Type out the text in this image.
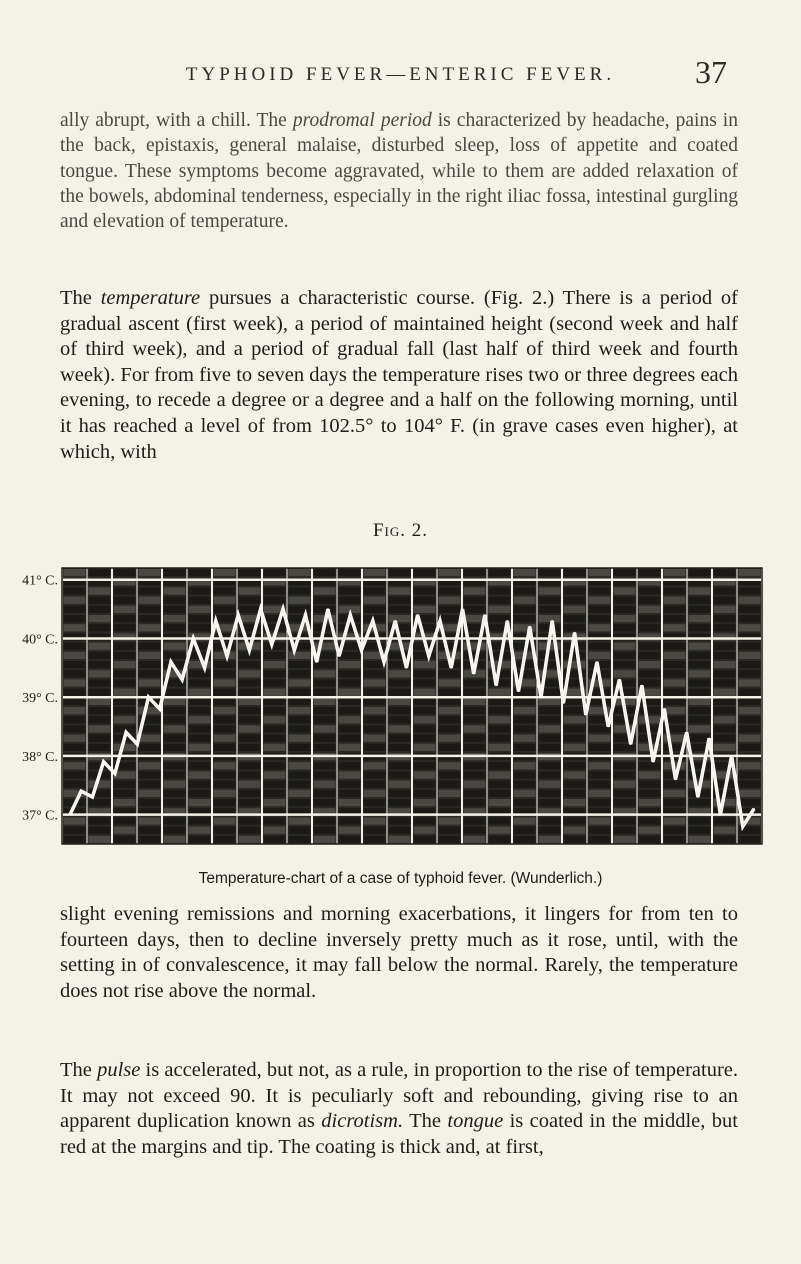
TYPHOID FEVER—ENTERIC FEVER.	37
ally abrupt, with a chill. The prodromal period is characterized by headache, pains in the back, epistaxis, general malaise, disturbed sleep, loss of appetite and coated tongue. These symptoms become aggravated, while to them are added relaxation of the bowels, abdominal tenderness, especially in the right iliac fossa, intestinal gurgling and elevation of temperature.
The temperature pursues a characteristic course. (Fig. 2.) There is a period of gradual ascent (first week), a period of maintained height (second week and half of third week), and a period of gradual fall (last half of third week and fourth week). For from five to seven days the temperature rises two or three degrees each evening, to recede a degree or a degree and a half on the following morning, until it has reached a level of from 102.5° to 104° F. (in grave cases even higher), at which, with
Fig. 2.
41° C.
40° C.
39° C.
38° C.
37° C.
Temperature-chart of a case of typhoid fever. (Wunderlich.)
slight evening remissions and morning exacerbations, it lingers for from ten to fourteen days, then to decline inversely pretty much as it rose, until, with the setting in of convalescence, it may fall below the normal. Rarely, the temperature does not rise above the normal.
The pulse is accelerated, but not, as a rule, in proportion to the rise of temperature. It may not exceed 90. It is peculiarly soft and rebounding, giving rise to an apparent duplication known as dicrotism. The tongue is coated in the middle, but red at the margins and tip. The coating is thick and, at first,
